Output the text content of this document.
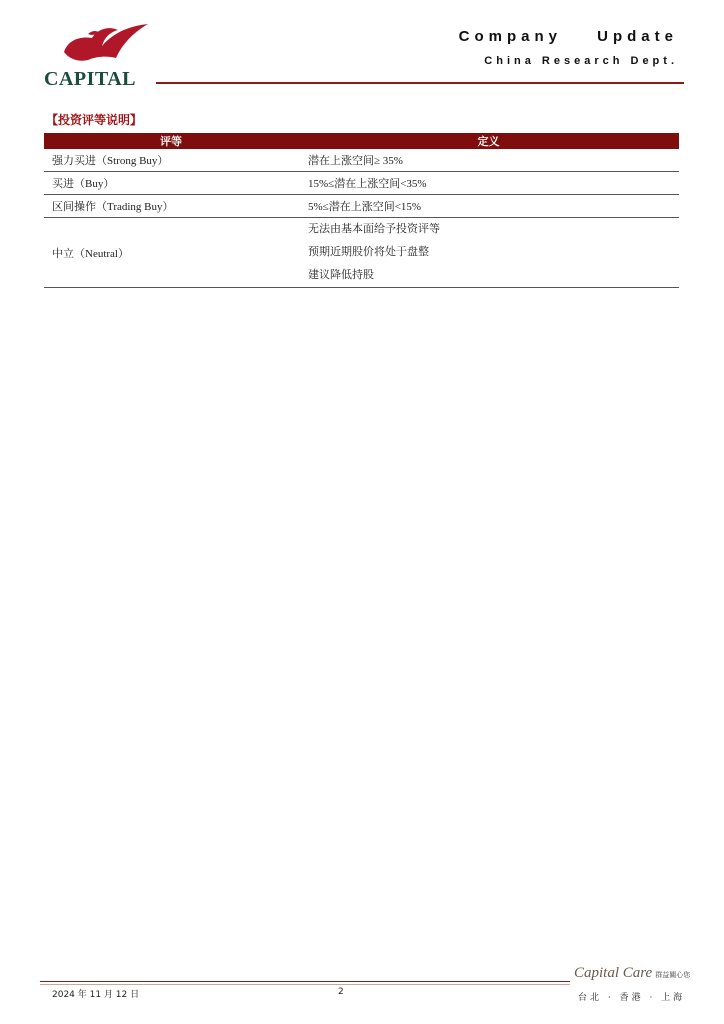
CAPITAL
Company Update
China Research Dept.
【投资评等说明】
评等	定义
强力买进（Strong Buy）	潜在上涨空间≥ 35%
买进（Buy）	15%≤潜在上涨空间<35%
区间操作（Trading Buy）	5%≤潜在上涨空间<15%
中立（Neutral）	无法由基本面给予投资评等
预期近期股价将处于盘整
建议降低持股
2024 年 11 月 12 日	2
Capital Care 群益關心您
台北 · 香港 · 上海
